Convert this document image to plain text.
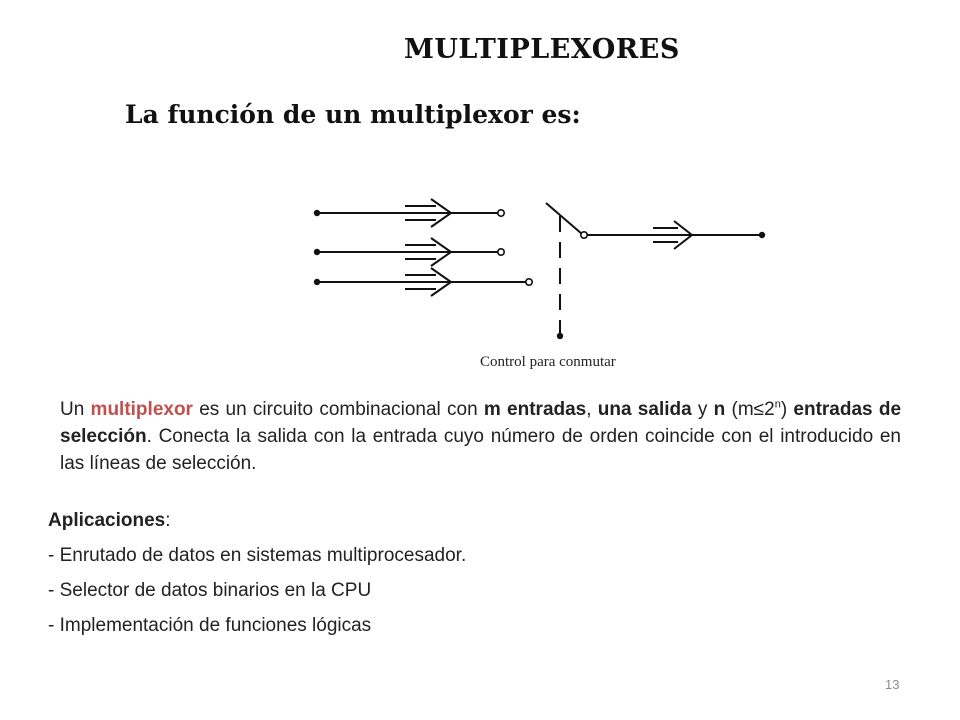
MULTIPLEXORES
La función de un multiplexor es:
Control para conmutar
Un multiplexor es un circuito combinacional con m entradas, una salida y n $(m\le 2^n)$ entradas de selección. Conecta la salida con la entrada cuyo número de orden coincide con el introducido en las líneas de selección.
Aplicaciones:
- Enrutado de datos en sistemas multiprocesador.
- Selector de datos binarios en la CPU
- Implementación de funciones lógicas
13
